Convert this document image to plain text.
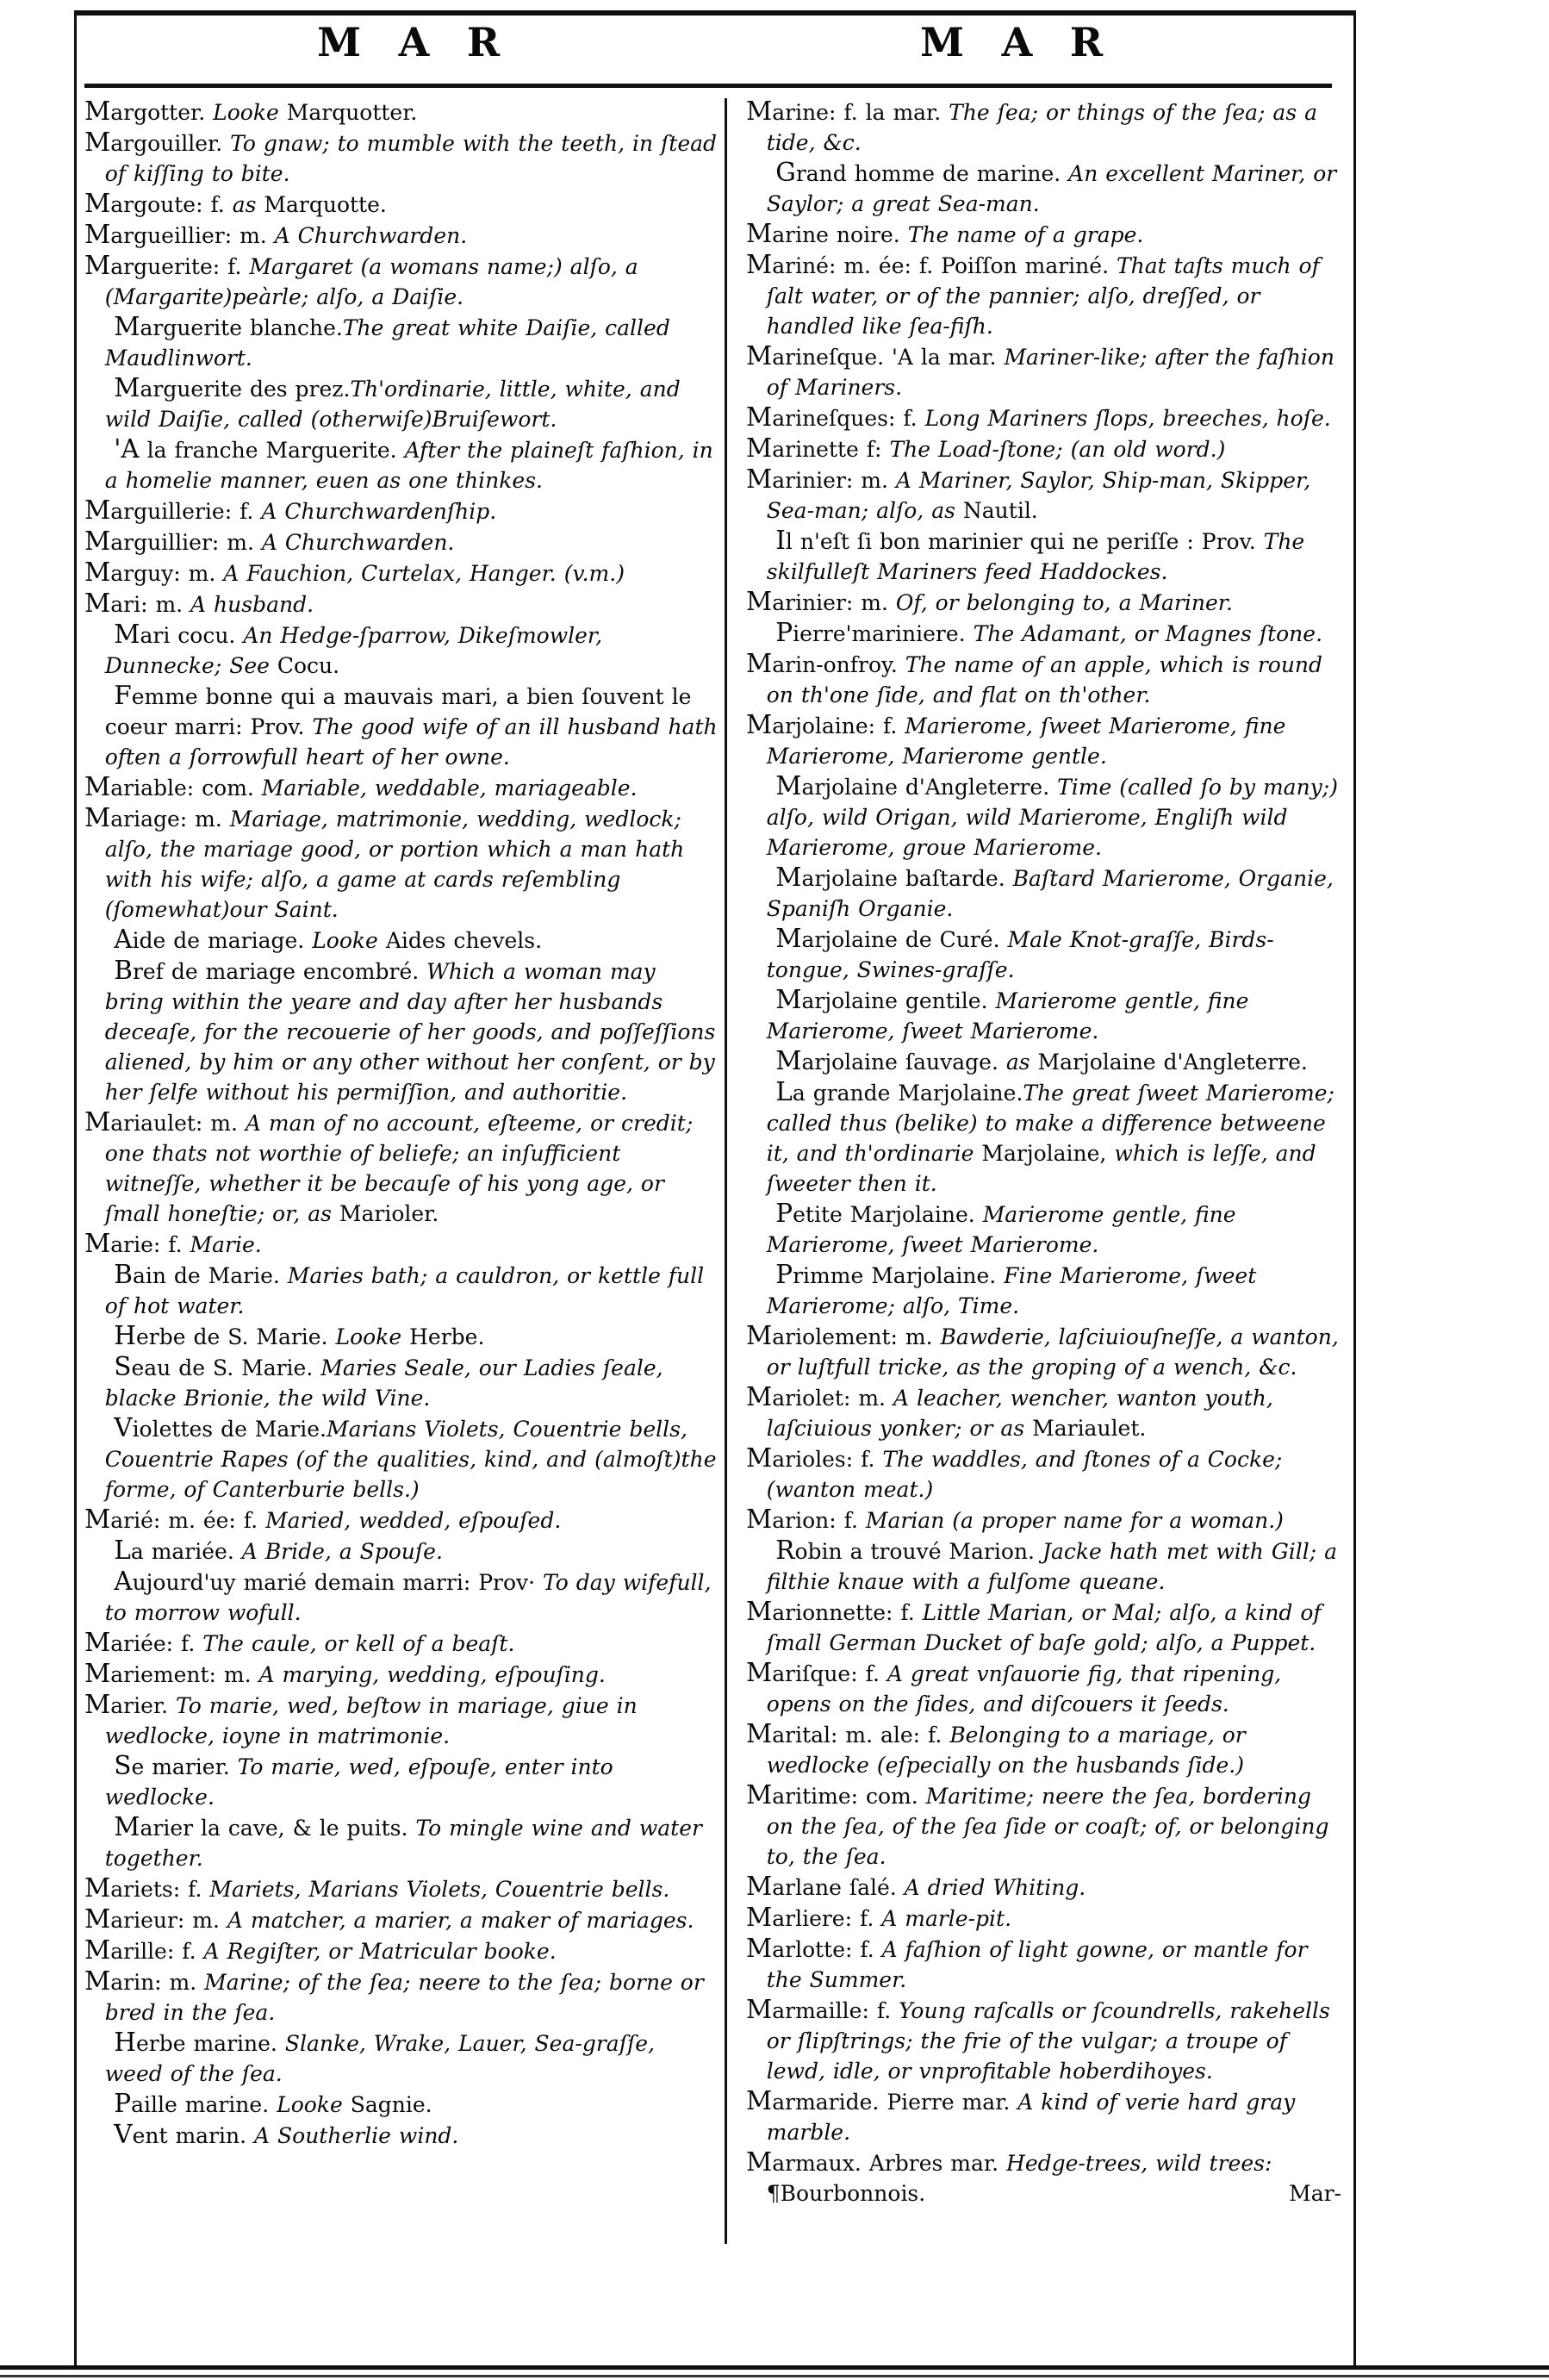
M A R	M A R

Margotter. Looke Marquotter.

Margouiller. To gnaw; to mumble with the teeth, in ſtead of kiſſing to bite.

Margoute: f. as Marquotte.

Margueillier: m. A Churchwarden.

Marguerite: f. Margaret (a womans name;) alſo, a (Margarite)peàrle; alſo, a Daiſie.

Marguerite blanche.The great white Daiſie, called Maudlinwort.

Marguerite des prez.Th'ordinarie, little, white, and wild Daiſie, called (otherwiſe)Bruiſewort.

'A la franche Marguerite. After the plaineſt faſhion, in a homelie manner, euen as one thinkes.

Marguillerie: f. A Churchwardenſhip.

Marguillier: m. A Churchwarden.

Marguy: m. A Fauchion, Curtelax, Hanger. (v.m.)

Mari: m. A husband.

Mari cocu. An Hedge-ſparrow, Dikeſmowler, Dunnecke; See Cocu.

Femme bonne qui a mauvais mari, a bien ſouvent le coeur marri: Prov. The good wife of an ill husband hath often a ſorrowfull heart of her owne.

Mariable: com. Mariable, weddable, mariageable.

Mariage: m. Mariage, matrimonie, wedding, wedlock; alſo, the mariage good, or portion which a man hath with his wife; alſo, a game at cards reſembling (ſomewhat)our Saint.

Aide de mariage. Looke Aides chevels.

Bref de mariage encombré. Which a woman may bring within the yeare and day after her husbands deceaſe, for the recouerie of her goods, and poſſeſſions aliened, by him or any other without her conſent, or by her ſelfe without his permiſſion, and authoritie.

Mariaulet: m. A man of no account, eſteeme, or credit; one thats not worthie of beliefe; an inſufficient witneſſe, whether it be becauſe of his yong age, or ſmall honeſtie; or, as Marioler.

Marie: f. Marie.

Bain de Marie. Maries bath; a cauldron, or kettle full of hot water.

Herbe de S. Marie. Looke Herbe.

Seau de S. Marie. Maries Seale, our Ladies ſeale, blacke Brionie, the wild Vine.

Violettes de Marie.Marians Violets, Couentrie bells, Couentrie Rapes (of the qualities, kind, and (almoſt)the forme, of Canterburie bells.)

Marié: m. ée: f. Maried, wedded, eſpouſed.

La mariée. A Bride, a Spouſe.

Aujourd'uy marié demain marri: Prov· To day wifefull, to morrow wofull.

Mariée: f. The caule, or kell of a beaſt.

Mariement: m. A marying, wedding, eſpouſing.

Marier. To marie, wed, beſtow in mariage, giue in wedlocke, ioyne in matrimonie.

Se marier. To marie, wed, eſpouſe, enter into wedlocke.

Marier la cave, & le puits. To mingle wine and water together.

Mariets: f. Mariets, Marians Violets, Couentrie bells.

Marieur: m. A matcher, a marier, a maker of mariages.

Marille: f. A Regiſter, or Matricular booke.

Marin: m. Marine; of the ſea; neere to the ſea; borne or bred in the ſea.

Herbe marine. Slanke, Wrake, Lauer, Sea-graſſe, weed of the ſea.

Paille marine. Looke Sagnie.

Vent marin. A Southerlie wind.

Marine: f. la mar. The ſea; or things of the ſea; as a tide, &c.

Grand homme de marine. An excellent Mariner, or Saylor; a great Sea-man.

Marine noire. The name of a grape.

Mariné: m. ée: f. Poiſſon mariné. That taſts much of ſalt water, or of the pannier; alſo, dreſſed, or handled like ſea-fiſh.

Marineſque. 'A la mar. Mariner-like; after the faſhion of Mariners.

Marineſques: f. Long Mariners ſlops, breeches, hoſe.

Marinette f: The Load-ſtone; (an old word.)

Marinier: m. A Mariner, Saylor, Ship-man, Skipper, Sea-man; alſo, as Nautil.

Il n'eſt ſi bon marinier qui ne periſſe : Prov. The skilfulleſt Mariners feed Haddockes.

Marinier: m. Of, or belonging to, a Mariner.

Pierre'mariniere. The Adamant, or Magnes ſtone.

Marin-onfroy. The name of an apple, which is round on th'one ſide, and flat on th'other.

Marjolaine: f. Marierome, ſweet Marierome, fine Marierome, Marierome gentle.

Marjolaine d'Angleterre. Time (called ſo by many;) alſo, wild Origan, wild Marierome, Engliſh wild Marierome, groue Marierome.

Marjolaine baſtarde. Baſtard Marierome, Organie, Spaniſh Organie.

Marjolaine de Curé. Male Knot-graſſe, Birds-tongue, Swines-graſſe.

Marjolaine gentile. Marierome gentle, fine Marierome, ſweet Marierome.

Marjolaine ſauvage. as Marjolaine d'Angleterre.

La grande Marjolaine.The great ſweet Marierome; called thus (belike) to make a difference betweene it, and th'ordinarie Marjolaine, which is leſſe, and ſweeter then it.

Petite Marjolaine. Marierome gentle, fine Marierome, ſweet Marierome.

Primme Marjolaine. Fine Marierome, ſweet Marierome; alſo, Time.

Mariolement: m. Bawderie, laſciuiouſneſſe, a wanton, or luſtfull tricke, as the groping of a wench, &c.

Mariolet: m. A leacher, wencher, wanton youth, laſciuious yonker; or as Mariaulet.

Marioles: f. The waddles, and ſtones of a Cocke; (wanton meat.)

Marion: f. Marian (a proper name for a woman.)

Robin a trouvé Marion. Jacke hath met with Gill; a filthie knaue with a fulſome queane.

Marionnette: f. Little Marian, or Mal; alſo, a kind of ſmall German Ducket of baſe gold; alſo, a Puppet.

Mariſque: f. A great vnſauorie fig, that ripening, opens on the ſides, and diſcouers it ſeeds.

Marital: m. ale: f. Belonging to a mariage, or wedlocke (eſpecially on the husbands ſide.)

Maritime: com. Maritime; neere the ſea, bordering on the ſea, of the ſea ſide or coaſt; of, or belonging to, the ſea.

Marlane ſalé. A dried Whiting.

Marliere: f. A marle-pit.

Marlotte: f. A faſhion of light gowne, or mantle for the Summer.

Marmaille: f. Young raſcalls or ſcoundrells, rakehells or ſlipſtrings; the frie of the vulgar; a troupe of lewd, idle, or vnprofitable hoberdihoyes.

Marmaride. Pierre mar. A kind of verie hard gray marble.

Marmaux. Arbres mar. Hedge-trees, wild trees:

¶Bourbonnois.	Mar-
